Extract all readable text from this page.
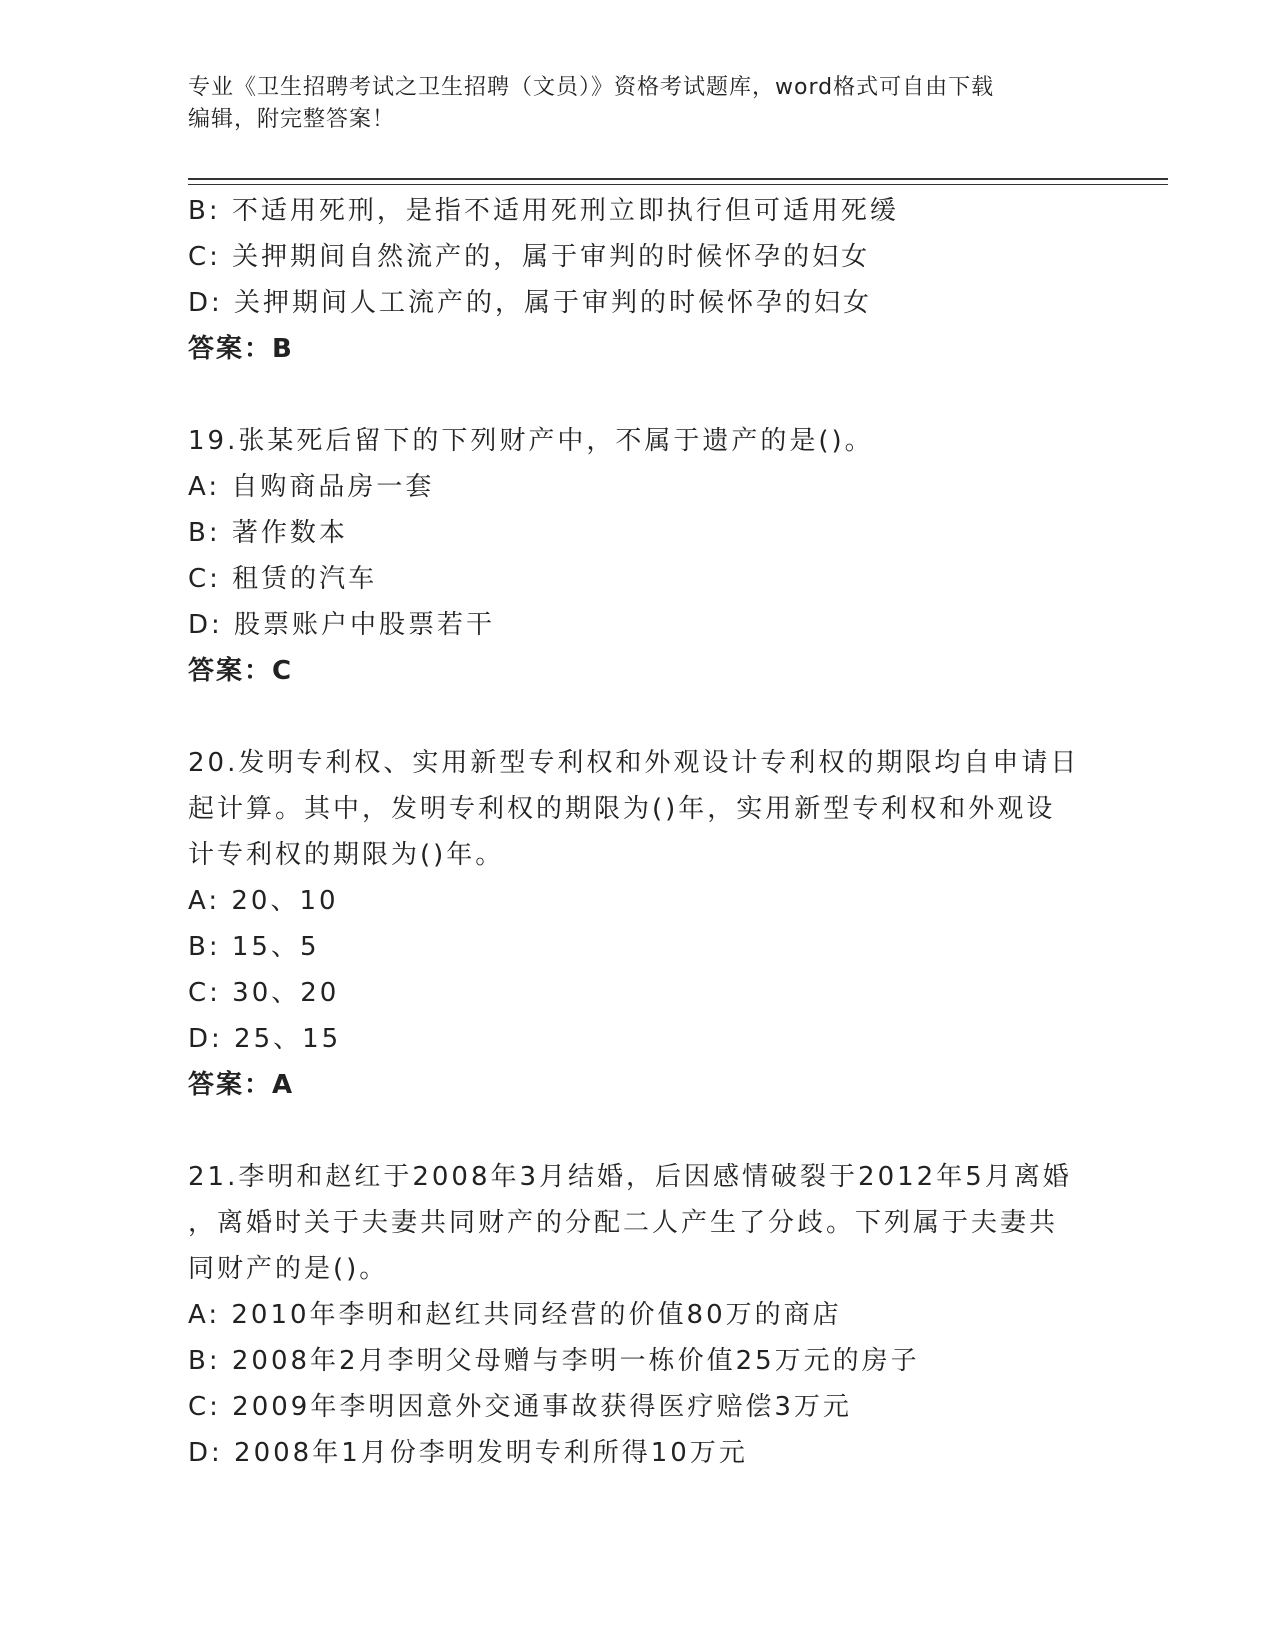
专业《卫生招聘考试之卫生招聘（文员）》资格考试题库，word格式可自由下载
编辑，附完整答案！
B: 不适用死刑，是指不适用死刑立即执行但可适用死缓
C: 关押期间自然流产的，属于审判的时候怀孕的妇女
D: 关押期间人工流产的，属于审判的时候怀孕的妇女
答案：B
19.张某死后留下的下列财产中，不属于遗产的是()。
A: 自购商品房一套
B: 著作数本
C: 租赁的汽车
D: 股票账户中股票若干
答案：C
20.发明专利权、实用新型专利权和外观设计专利权的期限均自申请日
起计算。其中，发明专利权的期限为()年，实用新型专利权和外观设
计专利权的期限为()年。
A: 20、10
B: 15、5
C: 30、20
D: 25、15
答案：A
21.李明和赵红于2008年3月结婚，后因感情破裂于2012年5月离婚
，离婚时关于夫妻共同财产的分配二人产生了分歧。下列属于夫妻共
同财产的是()。
A: 2010年李明和赵红共同经营的价值80万的商店
B: 2008年2月李明父母赠与李明一栋价值25万元的房子
C: 2009年李明因意外交通事故获得医疗赔偿3万元
D: 2008年1月份李明发明专利所得10万元
